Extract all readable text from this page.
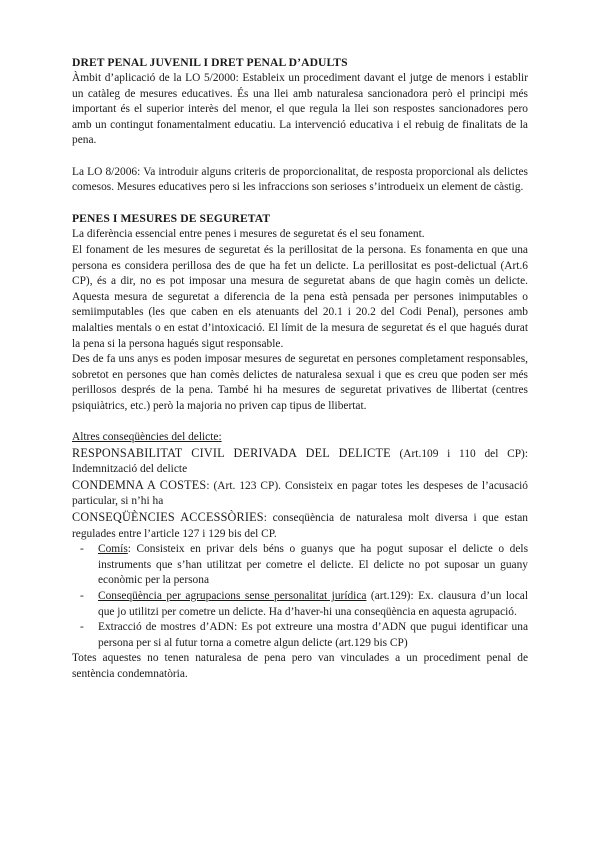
DRET PENAL JUVENIL I DRET PENAL D’ADULTS

Àmbit d’aplicació de la LO 5/2000: Estableix un procediment davant el jutge de menors i establir un catàleg de mesures educatives. És una llei amb naturalesa sancionadora però el principi més important és el superior interès del menor, el que regula la llei son respostes sancionadores pero amb un contingut fonamentalment educatiu. La intervenció educativa i el rebuig de finalitats de la pena.

La LO 8/2006: Va introduir alguns criteris de proporcionalitat, de resposta proporcional als delictes comesos. Mesures educatives pero si les infraccions son serioses s’introdueix un element de càstig.

PENES I MESURES DE SEGURETAT

La diferència essencial entre penes i mesures de seguretat és el seu fonament.

El fonament de les mesures de seguretat és la perillositat de la persona. Es fonamenta en que una persona es considera perillosa des de que ha fet un delicte. La perillositat es post-delictual (Art.6 CP), és a dir, no es pot imposar una mesura de seguretat abans de que hagin comès un delicte. Aquesta mesura de seguretat a diferencia de la pena està pensada per persones inimputables o semiimputables (les que caben en els atenuants del 20.1 i 20.2 del Codi Penal), persones amb malalties mentals o en estat d’intoxicació. El límit de la mesura de seguretat és el que hagués durat la pena si la persona hagués sigut responsable.

Des de fa uns anys es poden imposar mesures de seguretat en persones completament responsables, sobretot en persones que han comès delictes de naturalesa sexual i que es creu que poden ser més perillosos després de la pena. També hi ha mesures de seguretat privatives de llibertat (centres psiquiàtrics, etc.) però la majoria no priven cap tipus de llibertat.

Altres conseqüències del delicte:

RESPONSABILITAT CIVIL DERIVADA DEL DELICTE (Art.109 i 110 del CP): Indemnització del delicte

CONDEMNA A COSTES: (Art. 123 CP). Consisteix en pagar totes les despeses de l’acusació particular, si n’hi ha

CONSEQÜÈNCIES ACCESSÒRIES: conseqüència de naturalesa molt diversa i que estan regulades entre l’article 127 i 129 bis del CP.

- Comís: Consisteix en privar dels béns o guanys que ha pogut suposar el delicte o dels instruments que s’han utilitzat per cometre el delicte. El delicte no pot suposar un guany econòmic per la persona
- Conseqüència per agrupacions sense personalitat jurídica (art.129): Ex. clausura d’un local que jo utilitzi per cometre un delicte. Ha d’haver-hi una conseqüència en aquesta agrupació.
- Extracció de mostres d’ADN: Es pot extreure una mostra d’ADN que pugui identificar una persona per si al futur torna a cometre algun delicte (art.129 bis CP)

Totes aquestes no tenen naturalesa de pena pero van vinculades a un procediment penal de sentència condemnatòria.
